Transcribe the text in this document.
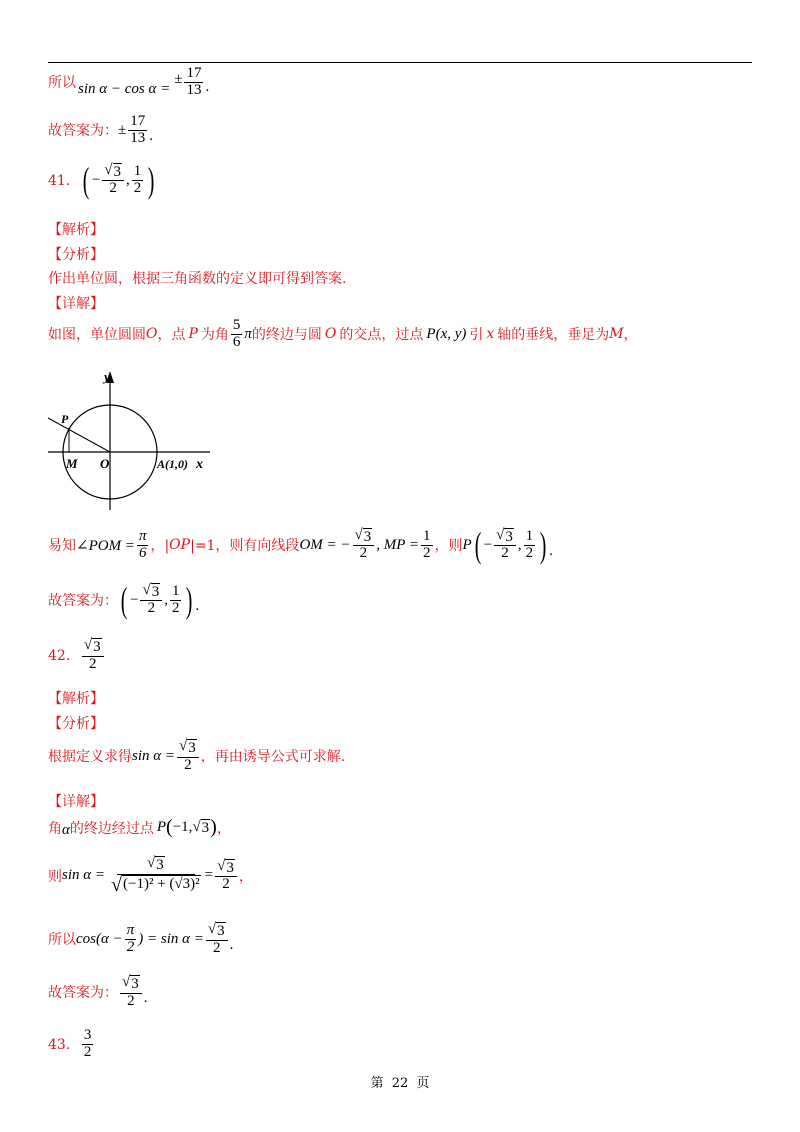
所以 sin α − cos α =
± $\frac{17}{13}$ .
故答案为： ± $\frac{17}{13}$ .
41． ( − $\frac{√ 3}{2}$ , $\frac{1}{2}$ )
【解析】
【分析】
作出单位圆，根据三角函数的定义即可得到答案.
【详解】
如图，单位圆圆 O ，点 P 为角 $\frac{5}{6}$ π 的终边与圆 O 的交点，过点 P(x, y) 引 x 轴的垂线，垂足为 M ，
y
x
P
M O	A(1,0)
易知 ∠POM = $\frac{\pi}{6}$ ，| OP |=1，则有向线段 OM = − $\frac{√ 3}{2}$ , MP = $\frac{1}{2}$ ，则 P ( − $\frac{√ 3}{2}$ , $\frac{1}{2}$ ) .
故答案为： ( − $\frac{√ 3}{2}$ , $\frac{1}{2}$ ) .
42． $\frac{√ 3}{2}$
【解析】
【分析】
根据定义求得 $\sin \alpha = \frac{√ 3}{2}$ ，再由诱导公式可求解.
【详解】
角 α 的终边经过点 P ( −1, √ 3 ) ，
则 $\sin \alpha = \frac{√ 3}{\text{√ (−1)² + (√3)²}} = \frac{√ 3}{2}$ ，
所以 $\cos(\alpha - \frac{\pi}{2}$ ) = $\sin \alpha = \frac{√ 3}{2}$ .
故答案为： $\frac{√ 3}{2}$ .
43． $\frac{3}{2}$
第 22 页
